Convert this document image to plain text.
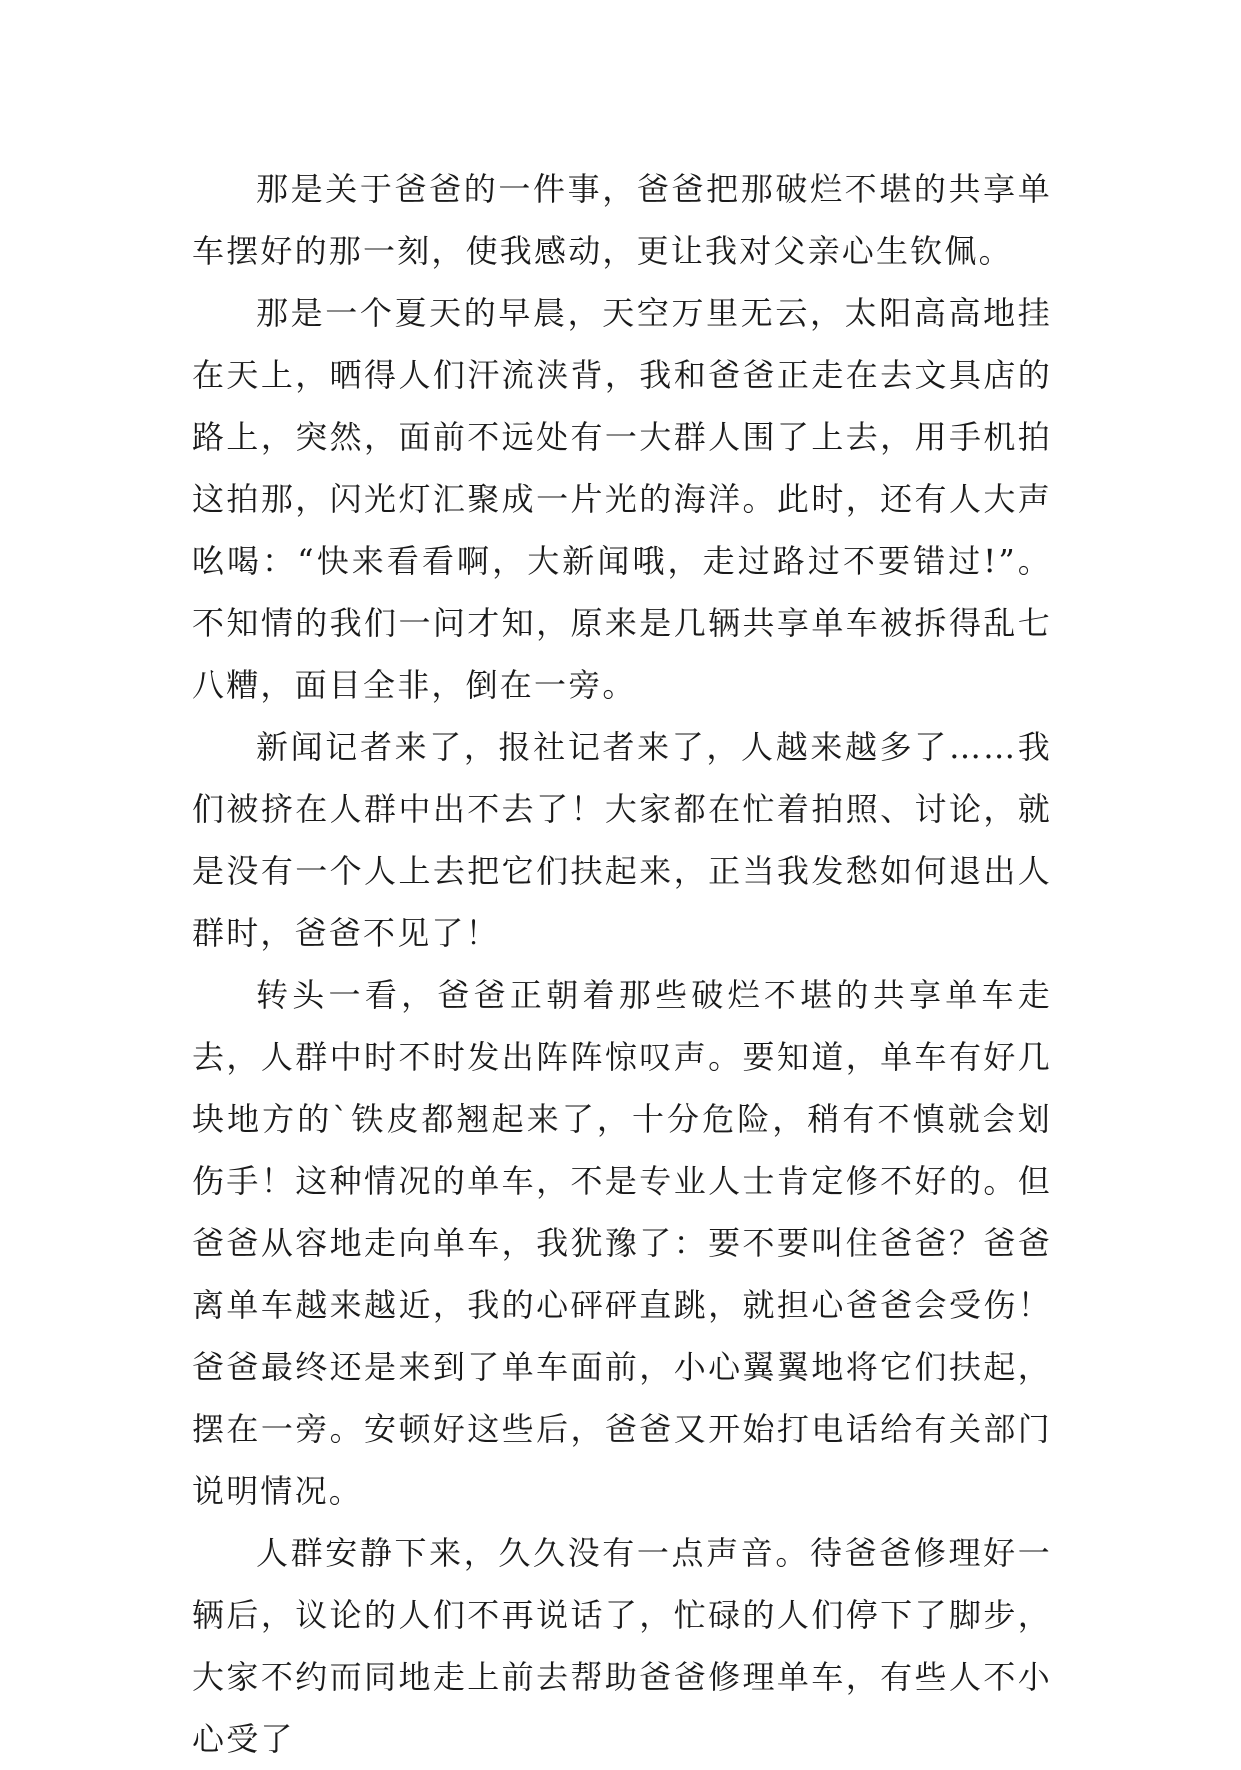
那是关于爸爸的一件事，爸爸把那破烂不堪的共享单车摆好的那一刻，使我感动，更让我对父亲心生钦佩。

那是一个夏天的早晨，天空万里无云，太阳高高地挂在天上，晒得人们汗流浃背，我和爸爸正走在去文具店的路上，突然，面前不远处有一大群人围了上去，用手机拍这拍那，闪光灯汇聚成一片光的海洋。此时，还有人大声吆喝：“快来看看啊，大新闻哦，走过路过不要错过!”。不知情的我们一问才知，原来是几辆共享单车被拆得乱七八糟，面目全非，倒在一旁。

新闻记者来了，报社记者来了，人越来越多了……我们被挤在人群中出不去了！大家都在忙着拍照、讨论，就是没有一个人上去把它们扶起来，正当我发愁如何退出人群时，爸爸不见了！

转头一看，爸爸正朝着那些破烂不堪的共享单车走去，人群中时不时发出阵阵惊叹声。要知道，单车有好几块地方的`铁皮都翘起来了，十分危险，稍有不慎就会划伤手！这种情况的单车，不是专业人士肯定修不好的。但爸爸从容地走向单车，我犹豫了：要不要叫住爸爸？爸爸离单车越来越近，我的心砰砰直跳，就担心爸爸会受伤！爸爸最终还是来到了单车面前，小心翼翼地将它们扶起，摆在一旁。安顿好这些后，爸爸又开始打电话给有关部门说明情况。

人群安静下来，久久没有一点声音。待爸爸修理好一辆后，议论的人们不再说话了，忙碌的人们停下了脚步，大家不约而同地走上前去帮助爸爸修理单车，有些人不小心受了
